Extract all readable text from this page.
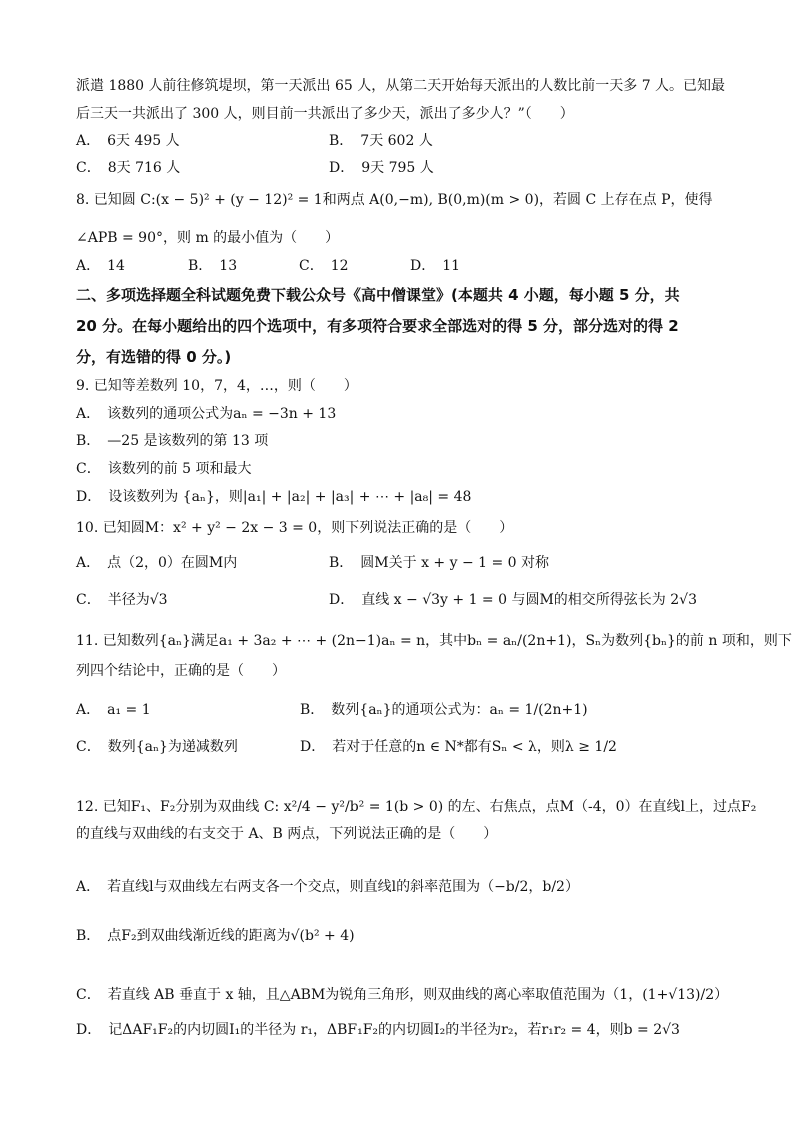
派遣 1880 人前往修筑堤坝，第一天派出 65 人，从第二天开始每天派出的人数比前一天多 7 人。已知最
后三天一共派出了 300 人，则目前一共派出了多少天，派出了多少人？”（　　）
A．　6天 495 人	B．　7天 602 人
C．　8天 716 人	D．　9天 795 人
8. 已知圆 C:(x − 5)² + (y − 12)² = 1和两点 A(0,−m), B(0,m)(m > 0)，若圆 C 上存在点 P，使得
∠APB = 90°，则 m 的最小值为（　　）
A．　14	B．　13	C．　12	D．　11
二、多项选择题全科试题免费下载公众号《高中僧课堂》(本题共 4 小题，每小题 5 分，共
20 分。在每小题给出的四个选项中，有多项符合要求全部选对的得 5 分，部分选对的得 2
分，有选错的得 0 分。)
9. 已知等差数列 10，7，4，…，则（　　）
A．　该数列的通项公式为aₙ = −3n + 13
B．　—25 是该数列的第 13 项
C．　该数列的前 5 项和最大
D．　设该数列为 {aₙ}，则|a₁| + |a₂| + |a₃| + ⋯ + |a₈| = 48
10. 已知圆M：x² + y² − 2x − 3 = 0，则下列说法正确的是（　　）
A．　点（2，0）在圆M内	B．　圆M关于 x + y − 1 = 0 对称
C．　半径为√3	D．　直线 x − √3y + 1 = 0 与圆M的相交所得弦长为 2√3
11. 已知数列{aₙ}满足a₁ + 3a₂ + ⋯ + (2n−1)aₙ = n，其中bₙ = aₙ/(2n+1)，Sₙ为数列{bₙ}的前 n 项和，则下
列四个结论中，正确的是（　　）
A．　a₁ = 1	B．　数列{aₙ}的通项公式为：aₙ = 1/(2n+1)
C．　数列{aₙ}为递减数列	D．　若对于任意的n ∈ N*都有Sₙ < λ，则λ ≥ 1/2
12. 已知F₁、F₂分别为双曲线 C: x²/4 − y²/b² = 1(b > 0) 的左、右焦点，点M（-4，0）在直线l上，过点F₂
的直线与双曲线的右支交于 A、B 两点，下列说法正确的是（　　）
A．　若直线l与双曲线左右两支各一个交点，则直线l的斜率范围为（−b/2，b/2）
B．　点F₂到双曲线渐近线的距离为√(b² + 4)
C．　若直线 AB 垂直于 x 轴，且△ABM为锐角三角形，则双曲线的离心率取值范围为（1，(1+√13)/2）
D．　记ΔAF₁F₂的内切圆I₁的半径为 r₁，ΔBF₁F₂的内切圆I₂的半径为r₂，若r₁r₂ = 4，则b = 2√3
